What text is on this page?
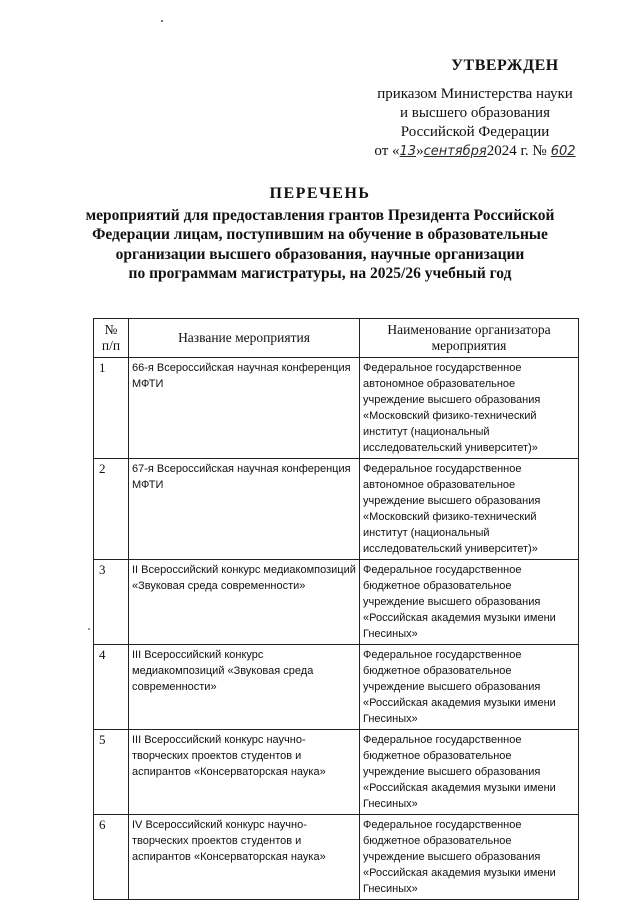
УТВЕРЖДЕН
приказом Министерства науки
и высшего образования
Российской Федерации
от « 13 » сентября 2024 г. № 602
ПЕРЕЧЕНЬ
мероприятий для предоставления грантов Президента Российской
Федерации лицам, поступившим на обучение в образовательные
организации высшего образования, научные организации
по программам магистратуры, на 2025/26 учебный год
№ п/п	Название мероприятия	Наименование организатора мероприятия
1	66-я Всероссийская научная конференция МФТИ	Федеральное государственное автономное образовательное учреждение высшего образования «Московский физико-технический институт (национальный исследовательский университет)»
2	67-я Всероссийская научная конференция МФТИ	Федеральное государственное автономное образовательное учреждение высшего образования «Московский физико-технический институт (национальный исследовательский университет)»
3	II Всероссийский конкурс медиакомпозиций «Звуковая среда современности»	Федеральное государственное бюджетное образовательное учреждение высшего образования «Российская академия музыки имени Гнесиных»
4	III Всероссийский конкурс медиакомпозиций «Звуковая среда современности»	Федеральное государственное бюджетное образовательное учреждение высшего образования «Российская академия музыки имени Гнесиных»
5	III Всероссийский конкурс научно-творческих проектов студентов и аспирантов «Консерваторская наука»	Федеральное государственное бюджетное образовательное учреждение высшего образования «Российская академия музыки имени Гнесиных»
6	IV Всероссийский конкурс научно-творческих проектов студентов и аспирантов «Консерваторская наука»	Федеральное государственное бюджетное образовательное учреждение высшего образования «Российская академия музыки имени Гнесиных»
